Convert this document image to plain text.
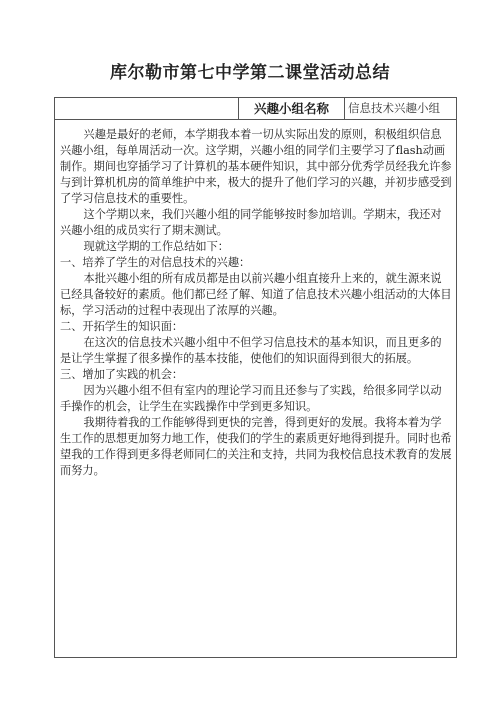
库尔勒市第七中学第二课堂活动总结
兴趣小组名称	信息技术兴趣小组

兴趣是最好的老师，本学期我本着一切从实际出发的原则，积极组织信息兴趣小组，每单周活动一次。这学期，兴趣小组的同学们主要学习了flash动画制作。期间也穿插学习了计算机的基本硬件知识，其中部分优秀学员经我允许参与到计算机机房的简单维护中来，极大的提升了他们学习的兴趣，并初步感受到了学习信息技术的重要性。

这个学期以来，我们兴趣小组的同学能够按时参加培训。学期末，我还对兴趣小组的成员实行了期末测试。

现就这学期的工作总结如下：

一、培养了学生的对信息技术的兴趣：

本批兴趣小组的所有成员都是由以前兴趣小组直接升上来的，就生源来说已经具备较好的素质。他们都已经了解、知道了信息技术兴趣小组活动的大体目标，学习活动的过程中表现出了浓厚的兴趣。

二、开拓学生的知识面：

在这次的信息技术兴趣小组中不但学习信息技术的基本知识，而且更多的是让学生掌握了很多操作的基本技能，使他们的知识面得到很大的拓展。

三、增加了实践的机会：

因为兴趣小组不但有室内的理论学习而且还参与了实践，给很多同学以动手操作的机会，让学生在实践操作中学到更多知识。

我期待着我的工作能够得到更快的完善，得到更好的发展。我将本着为学生工作的思想更加努力地工作，使我们的学生的素质更好地得到提升。同时也希望我的工作得到更多得老师同仁的关注和支持，共同为我校信息技术教育的发展而努力。
